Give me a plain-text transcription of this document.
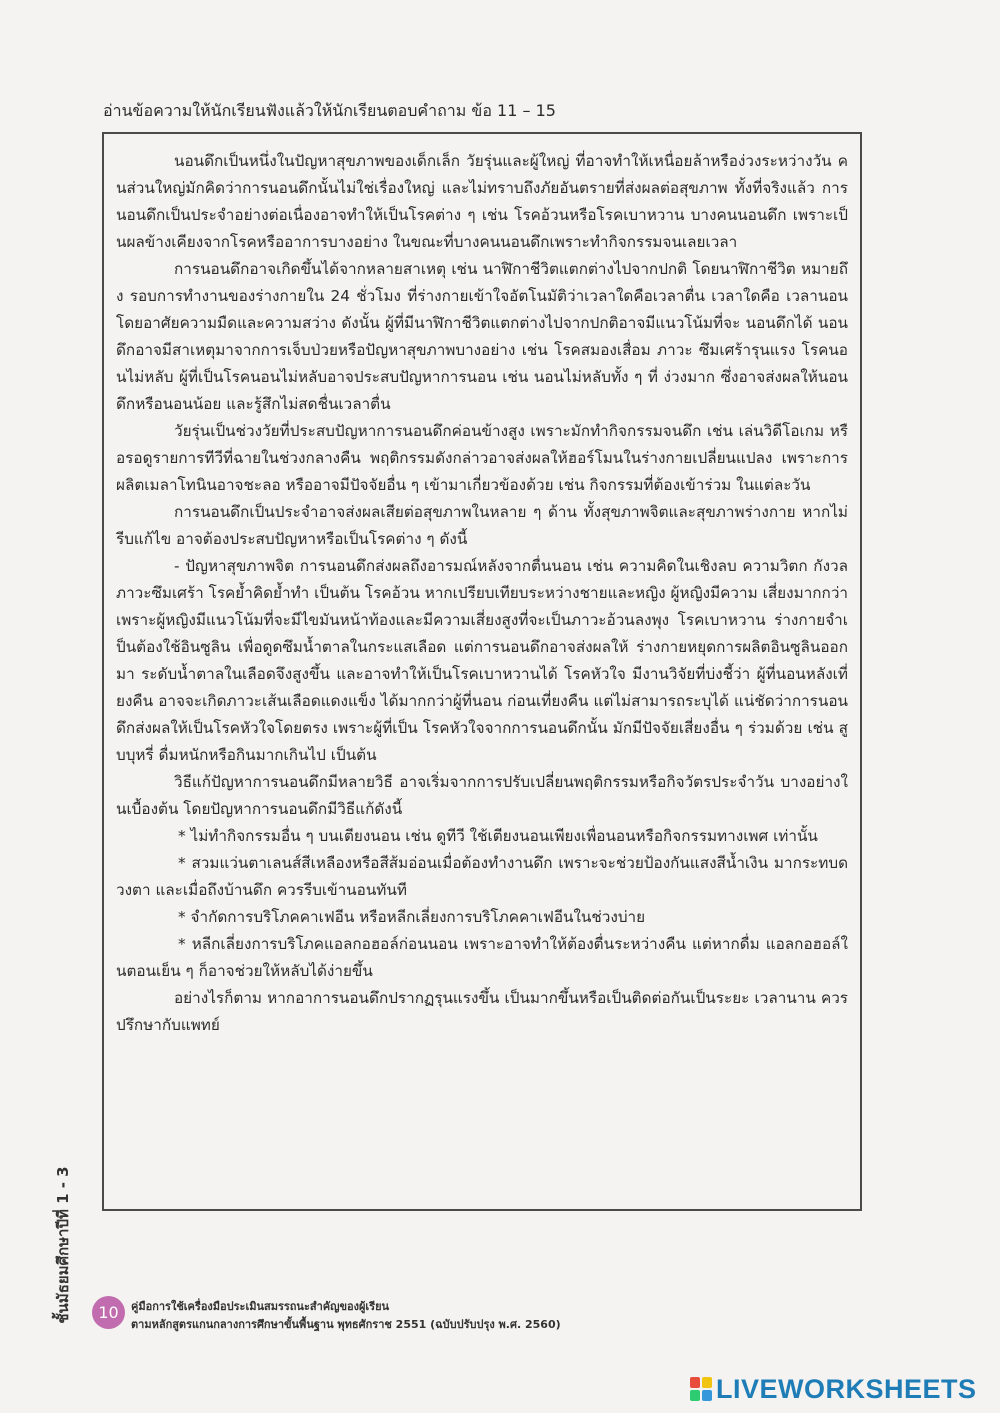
อ่านข้อความให้นักเรียนฟังแล้วให้นักเรียนตอบคำถาม ข้อ 11 – 15

นอนดึกเป็นหนึ่งในปัญหาสุขภาพของเด็กเล็ก วัยรุ่นและผู้ใหญ่ ที่อาจทำให้เหนื่อยล้าหรือง่วงระหว่างวัน คนส่วนใหญ่มักคิดว่าการนอนดึกนั้นไม่ใช่เรื่องใหญ่ และไม่ทราบถึงภัยอันตรายที่ส่งผลต่อสุขภาพ ทั้งที่จริงแล้ว การนอนดึกเป็นประจำอย่างต่อเนื่องอาจทำให้เป็นโรคต่าง ๆ เช่น โรคอ้วนหรือโรคเบาหวาน บางคนนอนดึก เพราะเป็นผลข้างเคียงจากโรคหรืออาการบางอย่าง ในขณะที่บางคนนอนดึกเพราะทำกิจกรรมจนเลยเวลา

การนอนดึกอาจเกิดขึ้นได้จากหลายสาเหตุ เช่น นาฬิกาชีวิตแตกต่างไปจากปกติ โดยนาฬิกาชีวิต หมายถึง รอบการทำงานของร่างกายใน 24 ชั่วโมง ที่ร่างกายเข้าใจอัตโนมัติว่าเวลาใดคือเวลาตื่น เวลาใดคือ เวลานอน โดยอาศัยความมืดและความสว่าง ดังนั้น ผู้ที่มีนาฬิกาชีวิตแตกต่างไปจากปกติอาจมีแนวโน้มที่จะ นอนดึกได้ นอนดึกอาจมีสาเหตุมาจากการเจ็บป่วยหรือปัญหาสุขภาพบางอย่าง เช่น โรคสมองเสื่อม ภาวะ ซึมเศร้ารุนแรง โรคนอนไม่หลับ ผู้ที่เป็นโรคนอนไม่หลับอาจประสบปัญหาการนอน เช่น นอนไม่หลับทั้ง ๆ ที่ ง่วงมาก ซึ่งอาจส่งผลให้นอนดึกหรือนอนน้อย และรู้สึกไม่สดชื่นเวลาตื่น

วัยรุ่นเป็นช่วงวัยที่ประสบปัญหาการนอนดึกค่อนข้างสูง เพราะมักทำกิจกรรมจนดึก เช่น เล่นวิดีโอเกม หรือรอดูรายการทีวีที่ฉายในช่วงกลางคืน พฤติกรรมดังกล่าวอาจส่งผลให้ฮอร์โมนในร่างกายเปลี่ยนแปลง เพราะการผลิตเมลาโทนินอาจชะลอ หรืออาจมีปัจจัยอื่น ๆ เข้ามาเกี่ยวข้องด้วย เช่น กิจกรรมที่ต้องเข้าร่วม ในแต่ละวัน

การนอนดึกเป็นประจำอาจส่งผลเสียต่อสุขภาพในหลาย ๆ ด้าน ทั้งสุขภาพจิตและสุขภาพร่างกาย หากไม่รีบแก้ไข อาจต้องประสบปัญหาหรือเป็นโรคต่าง ๆ ดังนี้

- ปัญหาสุขภาพจิต การนอนดึกส่งผลถึงอารมณ์หลังจากตื่นนอน เช่น ความคิดในเชิงลบ ความวิตก กังวล ภาวะซึมเศร้า โรคย้ำคิดย้ำทำ เป็นต้น โรคอ้วน หากเปรียบเทียบระหว่างชายและหญิง ผู้หญิงมีความ เสี่ยงมากกว่า เพราะผู้หญิงมีแนวโน้มที่จะมีไขมันหน้าท้องและมีความเสี่ยงสูงที่จะเป็นภาวะอ้วนลงพุง โรคเบาหวาน ร่างกายจำเป็นต้องใช้อินซูลิน เพื่อดูดซึมน้ำตาลในกระแสเลือด แต่การนอนดึกอาจส่งผลให้ ร่างกายหยุดการผลิตอินซูลินออกมา ระดับน้ำตาลในเลือดจึงสูงขึ้น และอาจทำให้เป็นโรคเบาหวานได้ โรคหัวใจ มีงานวิจัยที่บ่งชี้ว่า ผู้ที่นอนหลังเที่ยงคืน อาจจะเกิดภาวะเส้นเลือดแดงแข็ง ได้มากกว่าผู้ที่นอน ก่อนเที่ยงคืน แต่ไม่สามารถระบุได้ แน่ชัดว่าการนอนดึกส่งผลให้เป็นโรคหัวใจโดยตรง เพราะผู้ที่เป็น โรคหัวใจจากการนอนดึกนั้น มักมีปัจจัยเสี่ยงอื่น ๆ ร่วมด้วย เช่น สูบบุหรี่ ดื่มหนักหรือกินมากเกินไป เป็นต้น

วิธีแก้ปัญหาการนอนดึกมีหลายวิธี อาจเริ่มจากการปรับเปลี่ยนพฤติกรรมหรือกิจวัตรประจำวัน บางอย่างในเบื้องต้น โดยปัญหาการนอนดึกมีวิธีแก้ดังนี้

* ไม่ทำกิจกรรมอื่น ๆ บนเตียงนอน เช่น ดูทีวี ใช้เตียงนอนเพียงเพื่อนอนหรือกิจกรรมทางเพศ เท่านั้น

* สวมแว่นตาเลนส์สีเหลืองหรือสีส้มอ่อนเมื่อต้องทำงานดึก เพราะจะช่วยป้องกันแสงสีน้ำเงิน มากระทบดวงตา และเมื่อถึงบ้านดึก ควรรีบเข้านอนทันที

* จำกัดการบริโภคคาเฟอีน หรือหลีกเลี่ยงการบริโภคคาเฟอีนในช่วงบ่าย

* หลีกเลี่ยงการบริโภคแอลกอฮอล์ก่อนนอน เพราะอาจทำให้ต้องตื่นระหว่างคืน แต่หากดื่ม แอลกอฮอล์ในตอนเย็น ๆ ก็อาจช่วยให้หลับได้ง่ายขึ้น

อย่างไรก็ตาม หากอาการนอนดึกปรากฏรุนแรงขึ้น เป็นมากขึ้นหรือเป็นติดต่อกันเป็นระยะ เวลานาน ควรปรึกษากับแพทย์

ชั้นมัธยมศึกษาปีที่ 1 - 3	10	คู่มือการใช้เครื่องมือประเมินสมรรถนะสำคัญของผู้เรียน
ตามหลักสูตรแกนกลางการศึกษาขั้นพื้นฐาน พุทธศักราช 2551 (ฉบับปรับปรุง พ.ศ. 2560)
LIVEWORKSHEETS
